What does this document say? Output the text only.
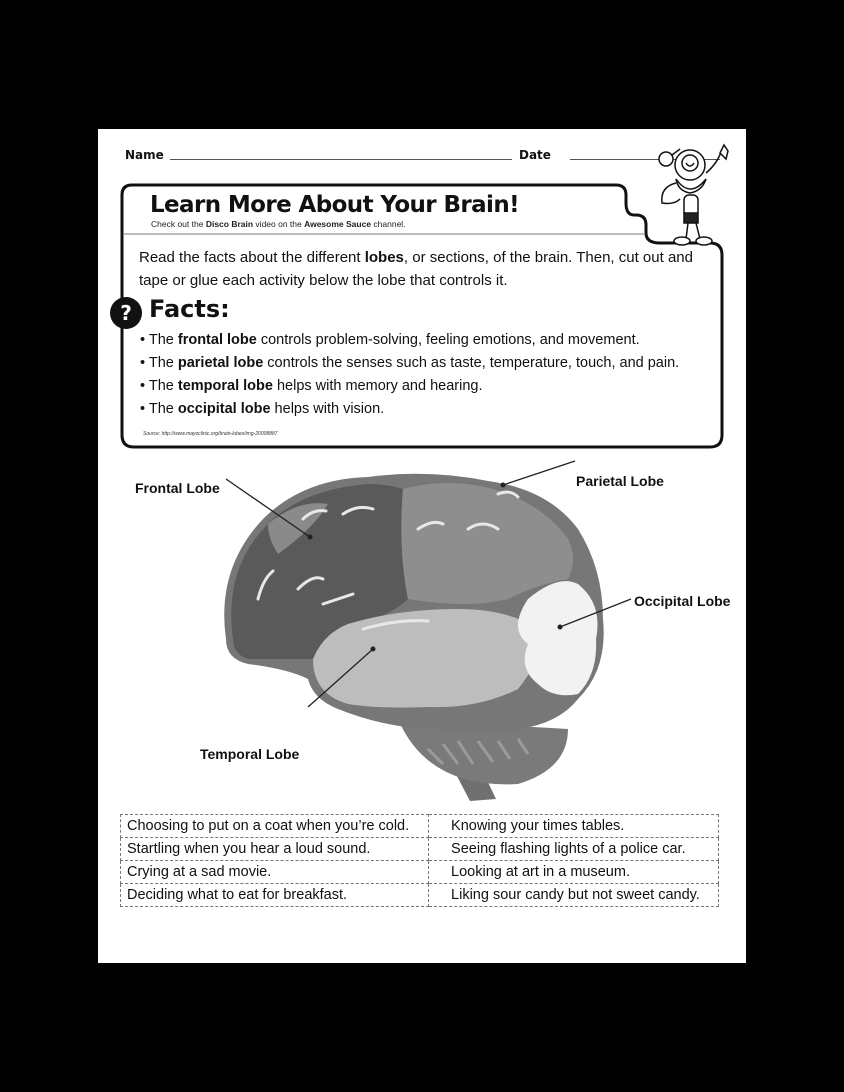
Name	Date
Learn More About Your Brain!
Check out the Disco Brain video on the Awesome Sauce channel.
Read the facts about the different lobes, or sections, of the brain. Then, cut out and
tape or glue each activity below the lobe that controls it.
? Facts:
• The frontal lobe controls problem-solving, feeling emotions, and movement.
• The parietal lobe controls the senses such as taste, temperature, touch, and pain.
• The temporal lobe helps with memory and hearing.
• The occipital lobe helps with vision.
Source: http://www.mayoclinic.org/brain-lobes/img-20008887
Frontal Lobe	Parietal Lobe
Occipital Lobe
Temporal Lobe
Choosing to put on a coat when you’re cold.	Knowing your times tables.
Startling when you hear a loud sound.	Seeing flashing lights of a police car.
Crying at a sad movie.	Looking at art in a museum.
Deciding what to eat for breakfast.	Liking sour candy but not sweet candy.
